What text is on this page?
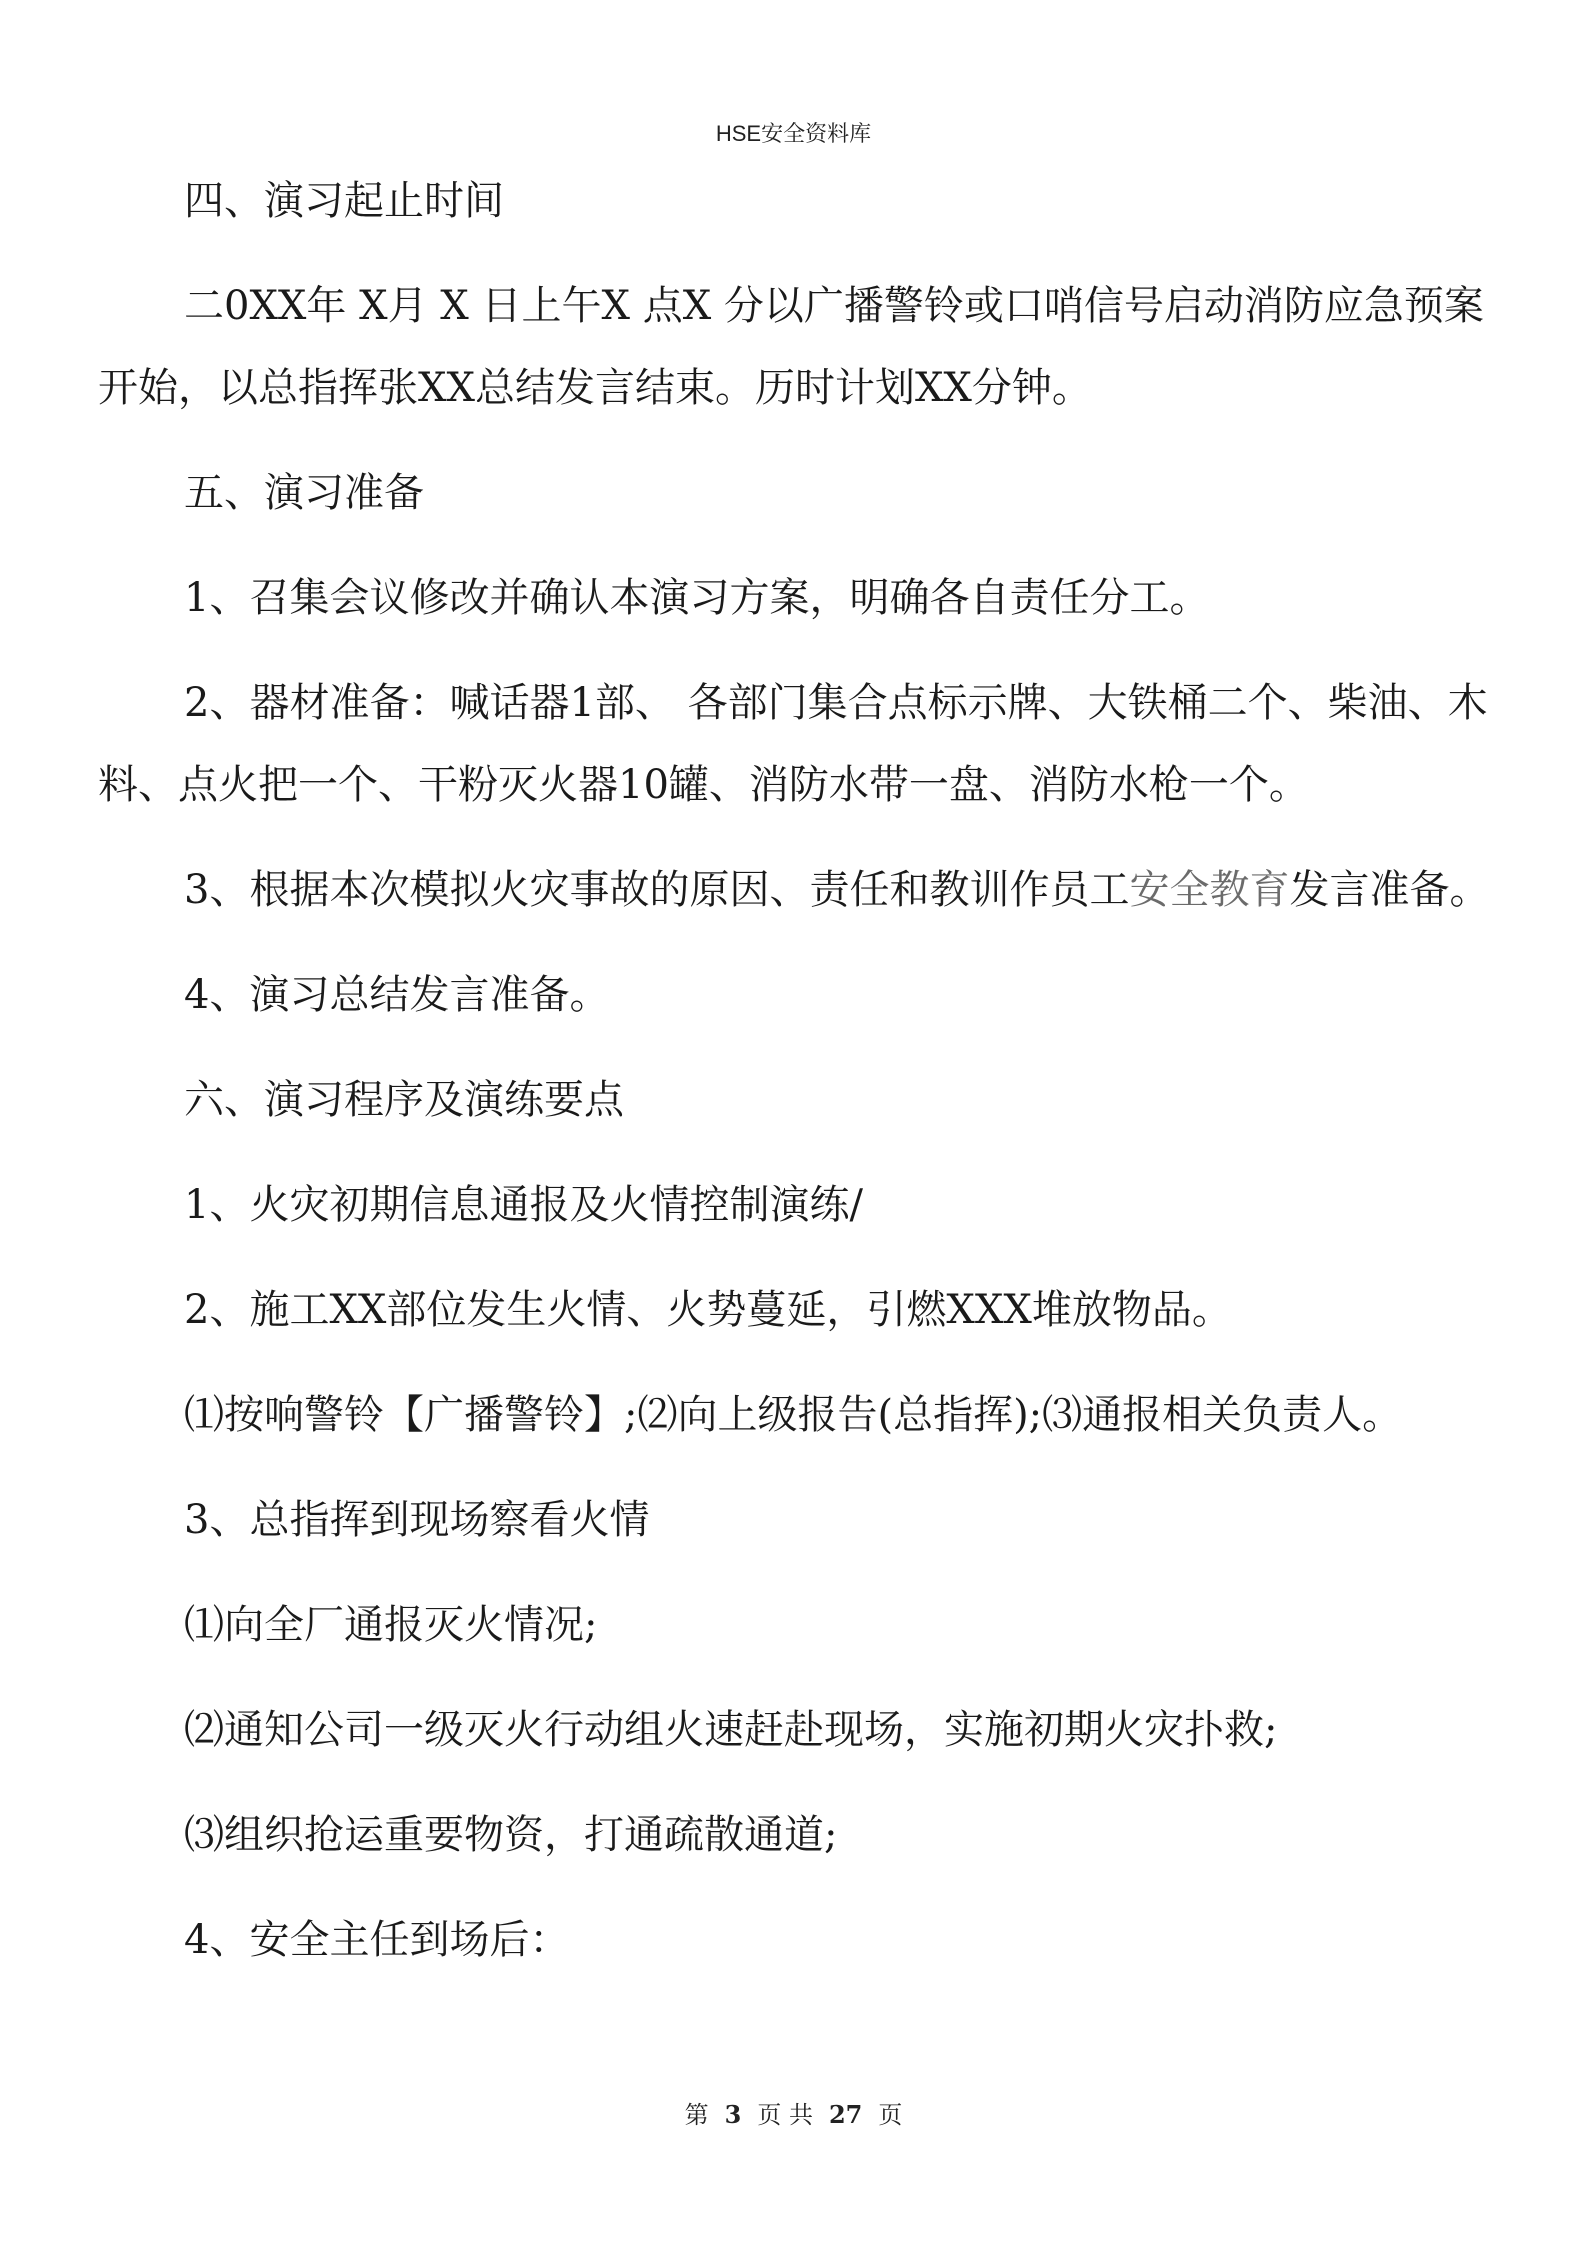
HSE安全资料库

四、演习起止时间

二0XX年 X月 X 日上午X 点X 分以广播警铃或口哨信号启动消防应急预案开始，以总指挥张XX总结发言结束。历时计划XX分钟。

五、演习准备

1、召集会议修改并确认本演习方案，明确各自责任分工。

2、器材准备：喊话器1部、 各部门集合点标示牌、大铁桶二个、柴油、木料、点火把一个、干粉灭火器10罐、消防水带一盘、消防水枪一个。

3、根据本次模拟火灾事故的原因、责任和教训作员工安全教育发言准备。

4、演习总结发言准备。

六、演习程序及演练要点

1、火灾初期信息通报及火情控制演练/

2、施工XX部位发生火情、火势蔓延，引燃XXX堆放物品。

⑴按响警铃【广播警铃】;⑵向上级报告(总指挥);⑶通报相关负责人。

3、总指挥到现场察看火情

⑴向全厂通报灭火情况;

⑵通知公司一级灭火行动组火速赶赴现场，实施初期火灾扑救;

⑶组织抢运重要物资，打通疏散通道;

4、安全主任到场后：

第 3 页 共 27 页
